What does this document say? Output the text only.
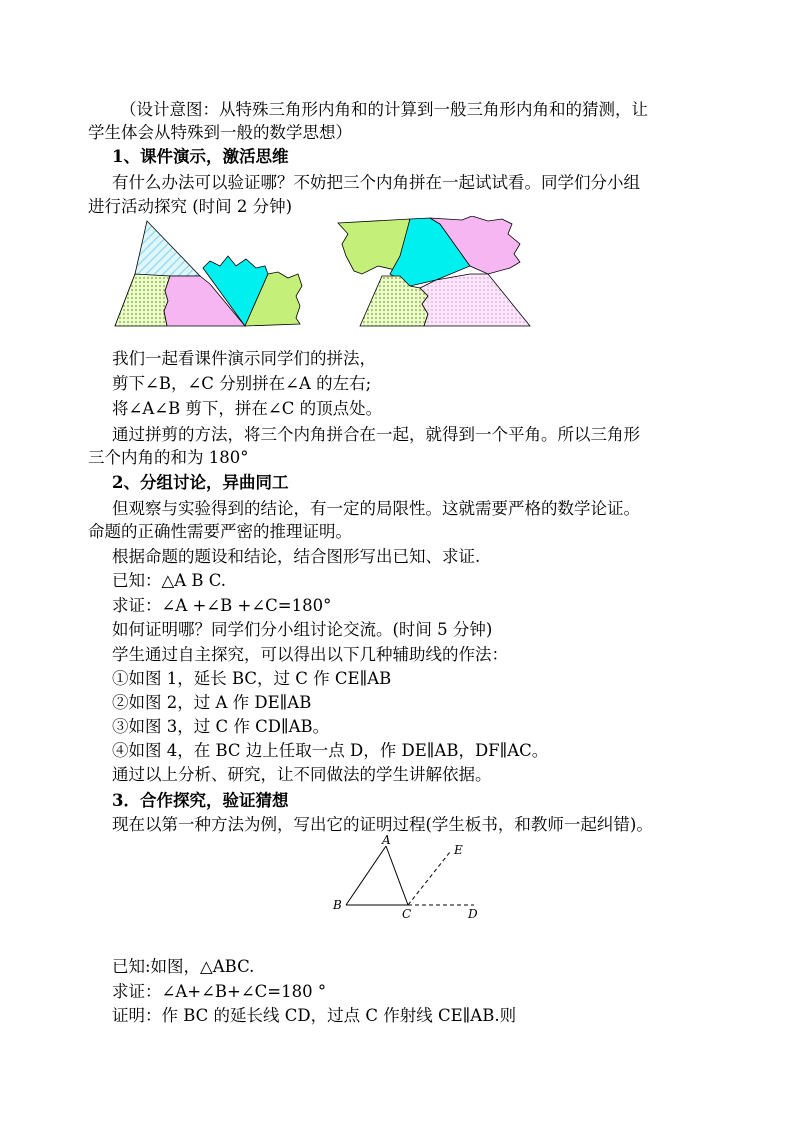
（设计意图：从特殊三角形内角和的计算到一般三角形内角和的猜测，让
学生体会从特殊到一般的数学思想）
1、课件演示，激活思维
有什么办法可以验证哪？不妨把三个内角拼在一起试试看。同学们分小组
进行活动探究 (时间 2 分钟)
我们一起看课件演示同学们的拼法，
剪下∠B，∠C 分别拼在∠A 的左右;
将∠A∠B 剪下，拼在∠C 的顶点处。
通过拼剪的方法，将三个内角拼合在一起，就得到一个平角。所以三角形
三个内角的和为 180°
2、分组讨论，异曲同工
但观察与实验得到的结论，有一定的局限性。这就需要严格的数学论证。
命题的正确性需要严密的推理证明。
根据命题的题设和结论，结合图形写出已知、求证.
已知：△A B C.
求证：∠A +∠B +∠C=180°
如何证明哪？同学们分小组讨论交流。(时间 5 分钟)
学生通过自主探究，可以得出以下几种辅助线的作法：
①如图 1，延长 BC，过 C 作 CE∥AB
②如图 2，过 A 作 DE∥AB
③如图 3，过 C 作 CD∥AB。
④如图 4，在 BC 边上任取一点 D，作 DE∥AB，DF∥AC。
通过以上分析、研究，让不同做法的学生讲解依据。
3．合作探究，验证猜想
现在以第一种方法为例，写出它的证明过程(学生板书，和教师一起纠错)。
A
B
C	D
E
已知:如图，△ABC.
求证：∠A+∠B+∠C=180 °
证明：作 BC 的延长线 CD，过点 C 作射线 CE∥AB.则
